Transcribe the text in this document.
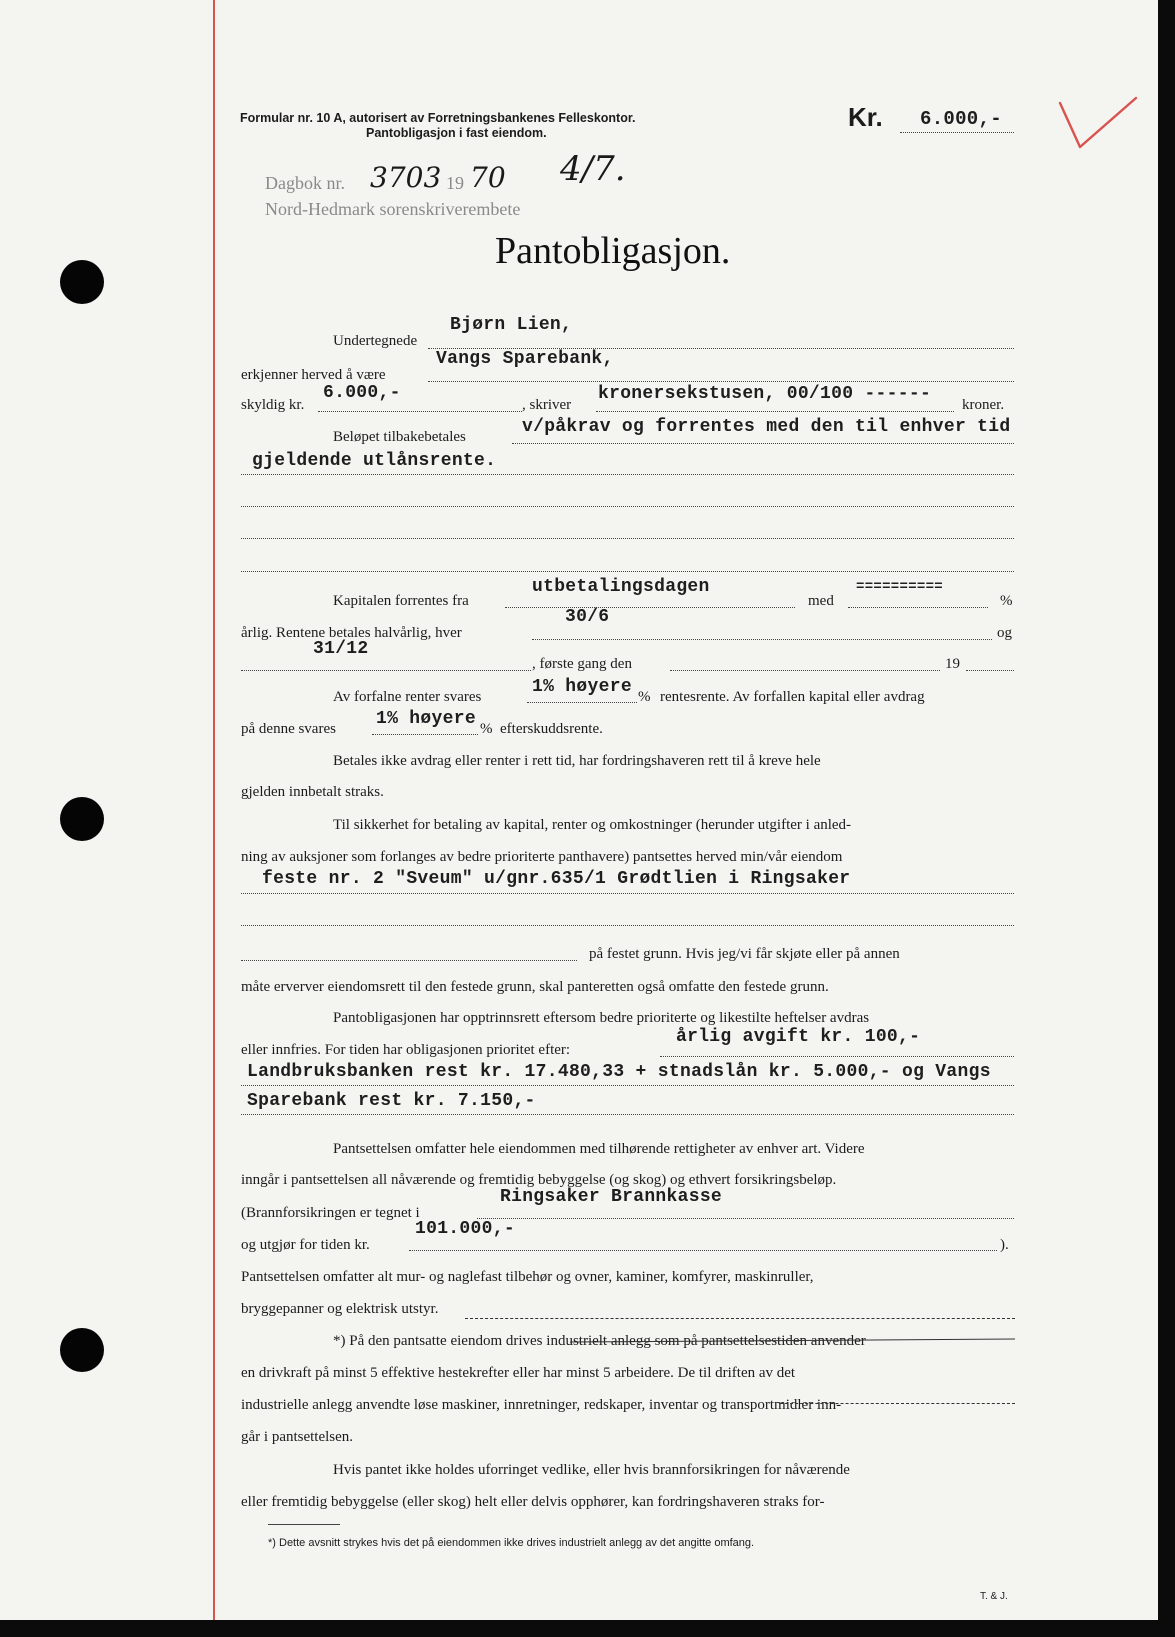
Formular nr. 10 A, autorisert av Forretningsbankenes Felleskontor.
Pantobligasjon i fast eiendom.
Kr. 6.000,-
Dagbok nr. 3703 19 70 4/7.
Nord-Hedmark sorenskriverembete
Pantobligasjon.
Bjørn Lien,
Undertegnede
Vangs Sparebank,
erkjenner herved å være
6.000,-
skyldig kr.	, skriver
kronersekstusen, 00/100 ------
kroner.
Beløpet tilbakebetales	v/påkrav og forrentes med den til enhver tid
gjeldende utlånsrente.
utbetalingsdagen
Kapitalen forrentes fra	med
==========
%
30/6
årlig. Rentene betales halvårlig, hver	og
31/12
, første gang den	19
Av forfalne renter svares	1% høyere % rentesrente. Av forfallen kapital eller avdrag
på denne svares 1% høyere % efterskuddsrente.
Betales ikke avdrag eller renter i rett tid, har fordringshaveren rett til å kreve hele
gjelden innbetalt straks.
Til sikkerhet for betaling av kapital, renter og omkostninger (herunder utgifter i anled-
ning av auksjoner som forlanges av bedre prioriterte panthavere) pantsettes herved min/vår eiendom
feste nr. 2 "Sveum" u/gnr.635/1 Grødtlien i Ringsaker
på festet grunn. Hvis jeg/vi får skjøte eller på annen
måte erverver eiendomsrett til den festede grunn, skal panteretten også omfatte den festede grunn.
Pantobligasjonen har opptrinnsrett eftersom bedre prioriterte og likestilte heftelser avdras
eller innfries. For tiden har obligasjonen prioritet efter:
årlig avgift kr. 100,-
Landbruksbanken rest kr. 17.480,33 + stnadslån kr. 5.000,- og Vangs
Sparebank rest kr. 7.150,-
Pantsettelsen omfatter hele eiendommen med tilhørende rettigheter av enhver art. Videre
inngår i pantsettelsen all nåværende og fremtidig bebyggelse (og skog) og ethvert forsikringsbeløp.
Ringsaker Brannkasse
(Brannforsikringen er tegnet i
101.000,-
og utgjør for tiden kr.	).
Pantsettelsen omfatter alt mur- og naglefast tilbehør og ovner, kaminer, komfyrer, maskinruller,
bryggepanner og elektrisk utstyr.
*) På den pantsatte eiendom drives industrielt anlegg som på pantsettelsestiden anvender
en drivkraft på minst 5 effektive hestekrefter eller har minst 5 arbeidere. De til driften av det
industrielle anlegg anvendte løse maskiner, innretninger, redskaper, inventar og transportmidler inn-
går i pantsettelsen.
Hvis pantet ikke holdes uforringet vedlike, eller hvis brannforsikringen for nåværende
eller fremtidig bebyggelse (eller skog) helt eller delvis opphører, kan fordringshaveren straks for-
*) Dette avsnitt strykes hvis det på eiendommen ikke drives industrielt anlegg av det angitte omfang.
T. & J.
